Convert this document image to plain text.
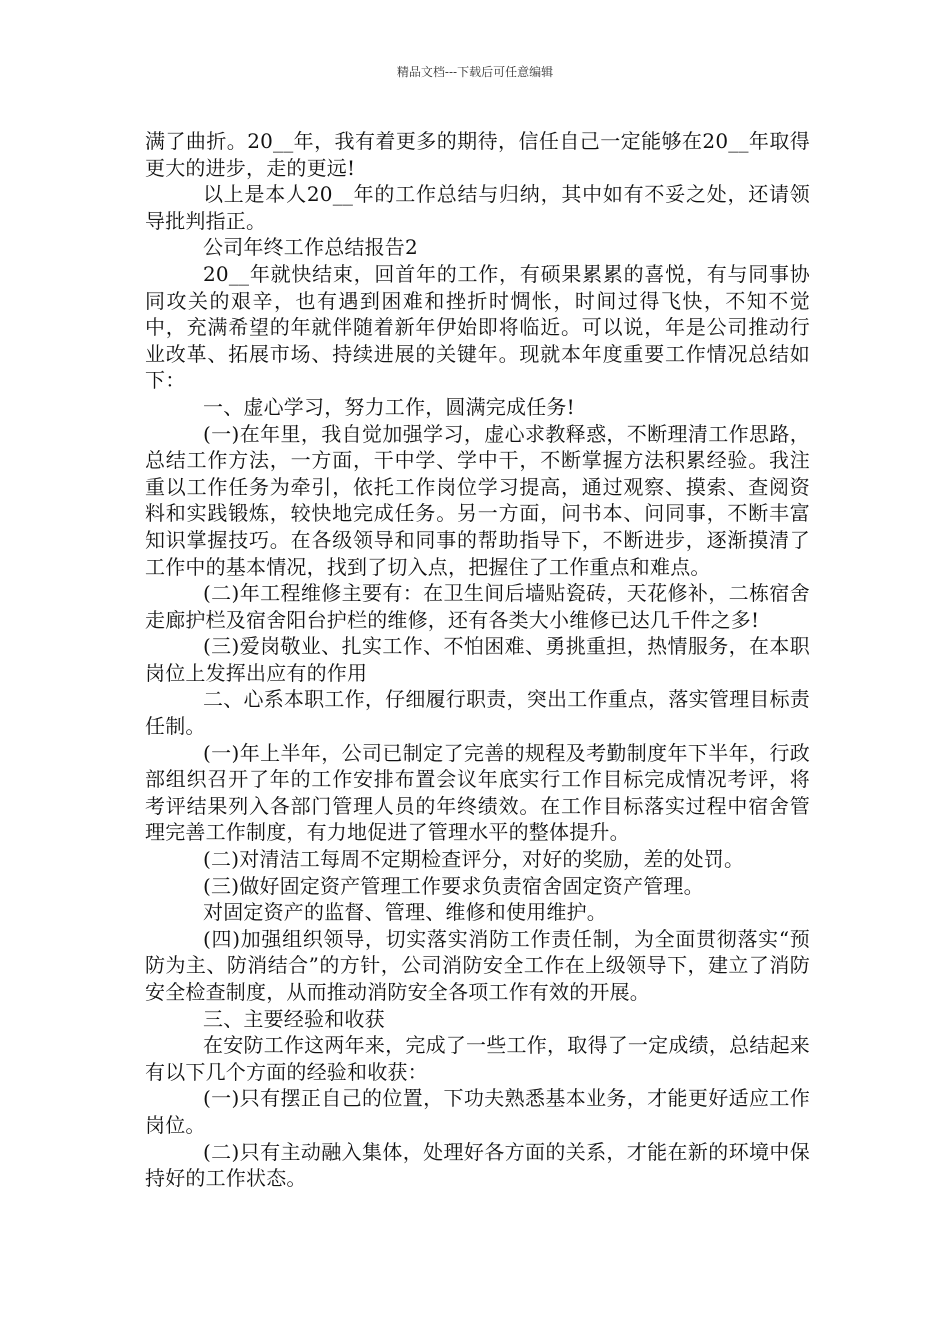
精品文档---下载后可任意编辑

满了曲折。20__年，我有着更多的期待，信任自己一定能够在20__年取得更大的进步，走的更远!

以上是本人20__年的工作总结与归纳，其中如有不妥之处，还请领导批判指正。

公司年终工作总结报告2

20__年就快结束，回首年的工作，有硕果累累的喜悦，有与同事协同攻关的艰辛，也有遇到困难和挫折时惆怅，时间过得飞快，不知不觉中，充满希望的年就伴随着新年伊始即将临近。可以说，年是公司推动行业改革、拓展市场、持续进展的关键年。现就本年度重要工作情况总结如下：

一、虚心学习，努力工作，圆满完成任务!

(一)在年里，我自觉加强学习，虚心求教释惑，不断理清工作思路，总结工作方法，一方面，干中学、学中干，不断掌握方法积累经验。我注重以工作任务为牵引，依托工作岗位学习提高，通过观察、摸索、查阅资料和实践锻炼，较快地完成任务。另一方面，问书本、问同事，不断丰富知识掌握技巧。在各级领导和同事的帮助指导下，不断进步，逐渐摸清了工作中的基本情况，找到了切入点，把握住了工作重点和难点。

(二)年工程维修主要有：在卫生间后墙贴瓷砖，天花修补，二栋宿舍走廊护栏及宿舍阳台护栏的维修，还有各类大小维修已达几千件之多!

(三)爱岗敬业、扎实工作、不怕困难、勇挑重担，热情服务，在本职岗位上发挥出应有的作用

二、心系本职工作，仔细履行职责，突出工作重点，落实管理目标责任制。

(一)年上半年，公司已制定了完善的规程及考勤制度年下半年，行政部组织召开了年的工作安排布置会议年底实行工作目标完成情况考评，将考评结果列入各部门管理人员的年终绩效。在工作目标落实过程中宿舍管理完善工作制度，有力地促进了管理水平的整体提升。

(二)对清洁工每周不定期检查评分，对好的奖励，差的处罚。

(三)做好固定资产管理工作要求负责宿舍固定资产管理。

对固定资产的监督、管理、维修和使用维护。

(四)加强组织领导，切实落实消防工作责任制，为全面贯彻落实“预防为主、防消结合”的方针，公司消防安全工作在上级领导下，建立了消防安全检查制度，从而推动消防安全各项工作有效的开展。

三、主要经验和收获

在安防工作这两年来，完成了一些工作，取得了一定成绩，总结起来有以下几个方面的经验和收获：

(一)只有摆正自己的位置，下功夫熟悉基本业务，才能更好适应工作岗位。

(二)只有主动融入集体，处理好各方面的关系，才能在新的环境中保持好的工作状态。
